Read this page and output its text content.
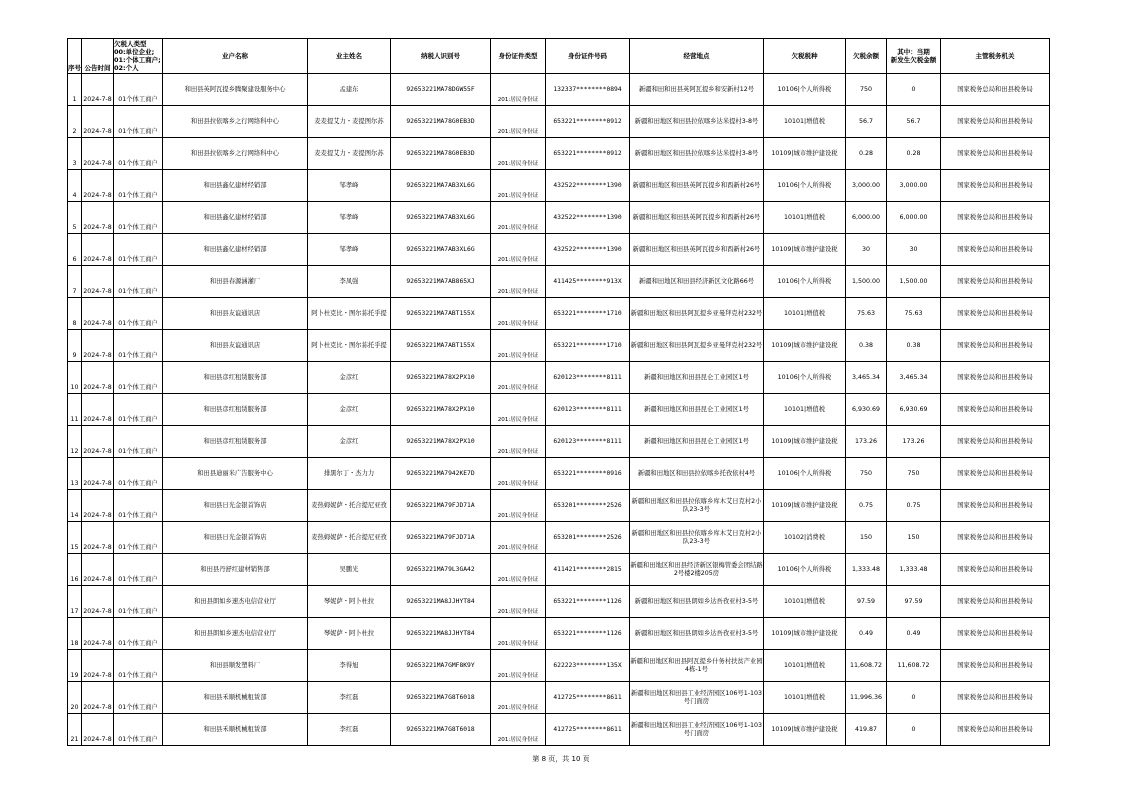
序号	公告时间	欠税人类型
00:单位企业;
01:个体工商户;
02:个人	业户名称	业主姓名	纳税人识别号	身份证件类型	身份证件号码	经营地点	欠税税种	欠税余额	其中：当期
新发生欠税金额	主管税务机关
1	2024-7-8	01个体工商户	和田县英阿瓦提乡腾聚建设服务中心	孟建东	92653221MA78DGW55F	201:居民身份证	132337********0894	新疆和田和田县英阿瓦提乡和安新村12号	10106|个人所得税	750	0	国家税务总局和田县税务局
2	2024-7-8	01个体工商户	和田县拉依喀乡之行网络科中心	麦麦提艾力・麦提图尔苏	92653221MA78G0EB3D	201:居民身份证	653221********0912	新疆和田地区和田县拉依喀乡达米提村3-8号	10101|增值税	56.7	56.7	国家税务总局和田县税务局
3	2024-7-8	01个体工商户	和田县拉依喀乡之行网络科中心	麦麦提艾力・麦提图尔苏	92653221MA78G0EB3D	201:居民身份证	653221********0912	新疆和田地区和田县拉依喀乡达米提村3-8号	10109|城市维护建设税	0.28	0.28	国家税务总局和田县税务局
4	2024-7-8	01个体工商户	和田县鑫亿建材经销部	邹孝峰	92653221MA7AB3XL6G	201:居民身份证	432522********1390	新疆和田地区和田县英阿瓦提乡和酉新村26号	10106|个人所得税	3,000.00	3,000.00	国家税务总局和田县税务局
5	2024-7-8	01个体工商户	和田县鑫亿建材经销部	邹孝峰	92653221MA7AB3XL6G	201:居民身份证	432522********1390	新疆和田地区和田县英阿瓦提乡和酉新村26号	10101|增值税	6,000.00	6,000.00	国家税务总局和田县税务局
6	2024-7-8	01个体工商户	和田县鑫亿建材经销部	邹孝峰	92653221MA7AB3XL6G	201:居民身份证	432522********1390	新疆和田地区和田县英阿瓦提乡和酉新村26号	10109|城市维护建设税	30	30	国家税务总局和田县税务局
7	2024-7-8	01个体工商户	和田县春源涵灌厂	李凤强	92653221MA7AB865XJ	201:居民身份证	411425********913X	新疆和田地区和田县经济新区文化路66号	10106|个人所得税	1,500.00	1,500.00	国家税务总局和田县税务局
8	2024-7-8	01个体工商户	和田县友谊通讯店	阿卜杜克比・图尔荪托乎提	92653221MA7ABT155X	201:居民身份证	653221********1710	新疆和田地区和田县阿瓦提乡亚曼拜克村232号	10101|增值税	75.63	75.63	国家税务总局和田县税务局
9	2024-7-8	01个体工商户	和田县友谊通讯店	阿卜杜克比・图尔荪托乎提	92653221MA7ABT155X	201:居民身份证	653221********1710	新疆和田地区和田县阿瓦提乡亚曼拜克村232号	10109|城市维护建设税	0.38	0.38	国家税务总局和田县税务局
10	2024-7-8	01个体工商户	和田县彦红租赁服务部	金彦红	92653221MA78X2PX10	201:居民身份证	620123********8111	新疆和田地区和田县昆仑工业园区1号	10106|个人所得税	3,465.34	3,465.34	国家税务总局和田县税务局
11	2024-7-8	01个体工商户	和田县彦红租赁服务部	金彦红	92653221MA78X2PX10	201:居民身份证	620123********8111	新疆和田地区和田县昆仑工业园区1号	10101|增值税	6,930.69	6,930.69	国家税务总局和田县税务局
12	2024-7-8	01个体工商户	和田县彦红租赁服务部	金彦红	92653221MA78X2PX10	201:居民身份证	620123********8111	新疆和田地区和田县昆仑工业园区1号	10109|城市维护建设税	173.26	173.26	国家税务总局和田县税务局
13	2024-7-8	01个体工商户	和田县迪丽米广告服务中心	排黑尔丁・杰力力	92653221MA7942KE7D	201:居民身份证	653221********0916	新疆和田地区和田县拉依喀乡托孜依村4号	10106|个人所得税	750	750	国家税务总局和田县税务局
14	2024-7-8	01个体工商户	和田县日光金银首饰店	麦热姆妮萨・托合提尼亚孜	92653221MA79FJD71A	201:居民身份证	653201********2526	新疆和田地区和田县拉依喀乡库木艾日克村2小队23-3号	10109|城市维护建设税	0.75	0.75	国家税务总局和田县税务局
15	2024-7-8	01个体工商户	和田县日光金银首饰店	麦热姆妮萨・托合提尼亚孜	92653221MA79FJD71A	201:居民身份证	653201********2526	新疆和田地区和田县拉依喀乡库木艾日克村2小队23-3号	10102|消费税	150	150	国家税务总局和田县税务局
16	2024-7-8	01个体工商户	和田县丹舒红建材销售部	吴鹏光	92653221MA79L3GA42	201:居民身份证	411421********2815	新疆和田地区和田县经济新区银梅管委会团结路2号楼2楼205房	10106|个人所得税	1,333.48	1,333.48	国家税务总局和田县税务局
17	2024-7-8	01个体工商户	和田县朗如乡速杰电信营业厅	琴妮萨・阿卜杜拉	92653221MA8JJHYT84	201:居民身份证	653221********1126	新疆和田地区和田县朗如乡达吾孜亚村3-5号	10101|增值税	97.59	97.59	国家税务总局和田县税务局
18	2024-7-8	01个体工商户	和田县朗如乡速杰电信营业厅	琴妮萨・阿卜杜拉	92653221MA8JJHYT84	201:居民身份证	653221********1126	新疆和田地区和田县朗如乡达吾孜亚村3-5号	10109|城市维护建设税	0.49	0.49	国家税务总局和田县税务局
19	2024-7-8	01个体工商户	和田县顺发塑料厂	李得旭	92653221MA7GMF8K9Y	201:居民身份证	622223********135X	新疆和田地区和田县阿瓦提乡什务村扶贫产业园4栋-1号	10101|增值税	11,608.72	11,608.72	国家税务总局和田县税务局
20	2024-7-8	01个体工商户	和田县禾顺机械租赁部	李红磊	92653221MA7G8T6018	201:居民身份证	412725********8611	新疆和田地区和田县工业经济园区106号1-103号门面房	10101|增值税	11,996.36	0	国家税务总局和田县税务局
21	2024-7-8	01个体工商户	和田县禾顺机械租赁部	李红磊	92653221MA7G8T6018	201:居民身份证	412725********8611	新疆和田地区和田县工业经济园区106号1-103号门面房	10109|城市维护建设税	419.87	0	国家税务总局和田县税务局
第 8 页，共 10 页
